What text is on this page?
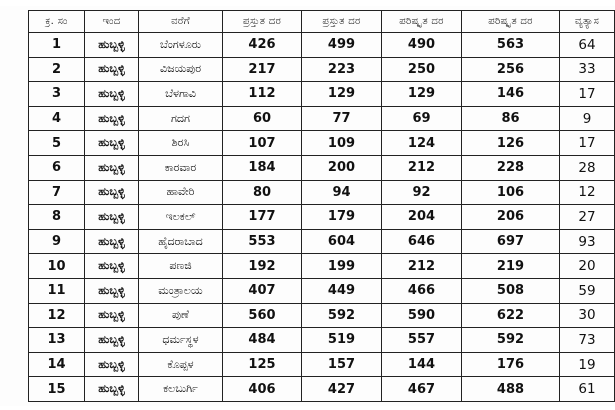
ಕ್ರ. ಸಂ	ಇಂದ	ವರೆಗೆ	ಪ್ರಸ್ತುತ ದರ	ಪ್ರಸ್ತುತ ದರ	ಪರಿಷ್ಕೃತ ದರ	ಪರಿಷ್ಕೃತ ದರ	ವ್ಯತ್ಯಾಸ
1	ಹುಬ್ಬಳ್ಳಿ	ಬೆಂಗಳೂರು	426	499	490	563	64
2	ಹುಬ್ಬಳ್ಳಿ	ವಿಜಯಪುರ	217	223	250	256	33
3	ಹುಬ್ಬಳ್ಳಿ	ಬೆಳಗಾವಿ	112	129	129	146	17
4	ಹುಬ್ಬಳ್ಳಿ	ಗದಗ	60	77	69	86	9
5	ಹುಬ್ಬಳ್ಳಿ	ಶಿರಸಿ	107	109	124	126	17
6	ಹುಬ್ಬಳ್ಳಿ	ಕಾರವಾರ	184	200	212	228	28
7	ಹುಬ್ಬಳ್ಳಿ	ಹಾವೇರಿ	80	94	92	106	12
8	ಹುಬ್ಬಳ್ಳಿ	ಇಲಕಲ್	177	179	204	206	27
9	ಹುಬ್ಬಳ್ಳಿ	ಹೈದರಾಬಾದ	553	604	646	697	93
10	ಹುಬ್ಬಳ್ಳಿ	ಪಣಜಿ	192	199	212	219	20
11	ಹುಬ್ಬಳ್ಳಿ	ಮಂತ್ರಾಲಯ	407	449	466	508	59
12	ಹುಬ್ಬಳ್ಳಿ	ಪುಣೆ	560	592	590	622	30
13	ಹುಬ್ಬಳ್ಳಿ	ಧರ್ಮಸ್ಥಳ	484	519	557	592	73
14	ಹುಬ್ಬಳ್ಳಿ	ಕೊಪ್ಪಳ	125	157	144	176	19
15	ಹುಬ್ಬಳ್ಳಿ	ಕಲಬುರ್ಗಿ	406	427	467	488	61
